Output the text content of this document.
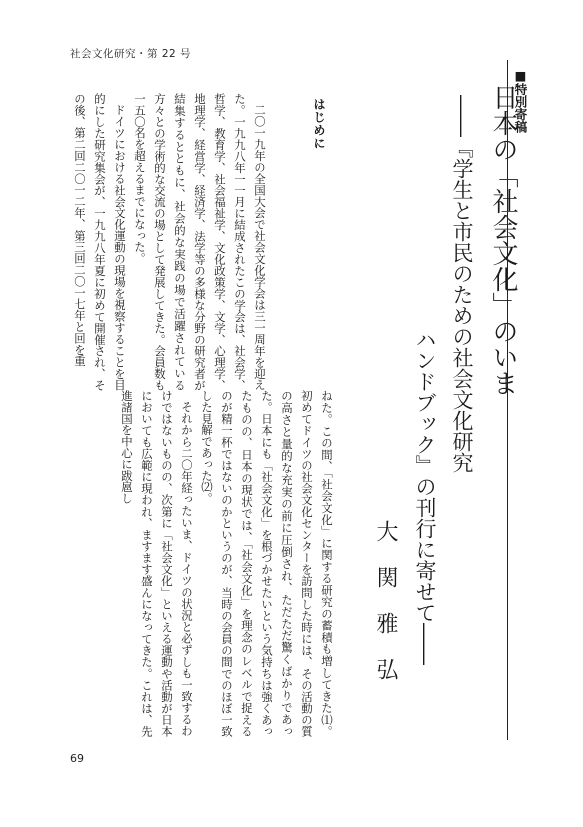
社会文化研究・第 22 号
■特別寄稿
日本の「社会文化」のいま
――『学生と市民のための社会文化研究
ハンドブック』の刊行に寄せて――
大関雅弘

ねた。この間、「社会文化」に関する研究の蓄積も増してきた⑴。初めてドイツの社会文化センターを訪問した時には、その活動の質の高さと量的な充実の前に圧倒され、ただただ驚くばかりであった。日本にも「社会文化」を根づかせたいという気持ちは強くあったものの、日本の現状では、「社会文化」を理念のレベルで捉えるのが精一杯ではないのかというのが、当時の会員の間でのほぼ一致した見解であった⑵。

それから二〇年経ったいま、ドイツの状況と必ずしも一致するわけではないものの、次第に「社会文化」といえる運動や活動が日本においても広範に現われ、ますます盛んになってきた。これは、先進諸国を中心に跋扈し

はじめに

二〇一九年の全国大会で社会文化学会は三一周年を迎えた。一九九八年一一月に結成されたこの学会は、社会学、哲学、教育学、社会福祉学、文化政策学、文学、心理学、地理学、経営学、経済学、法学等の多様な分野の研究者が結集するとともに、社会的な実践の場で活躍されている方々との学術的な交流の場として発展してきた。会員数も一五〇名を超えるまでになった。

ドイツにおける社会文化運動の現場を視察することを目的にした研究集会が、一九九八年夏に初めて開催され、その後、第二回二〇一二年、第三回二〇一七年と回を重

69
